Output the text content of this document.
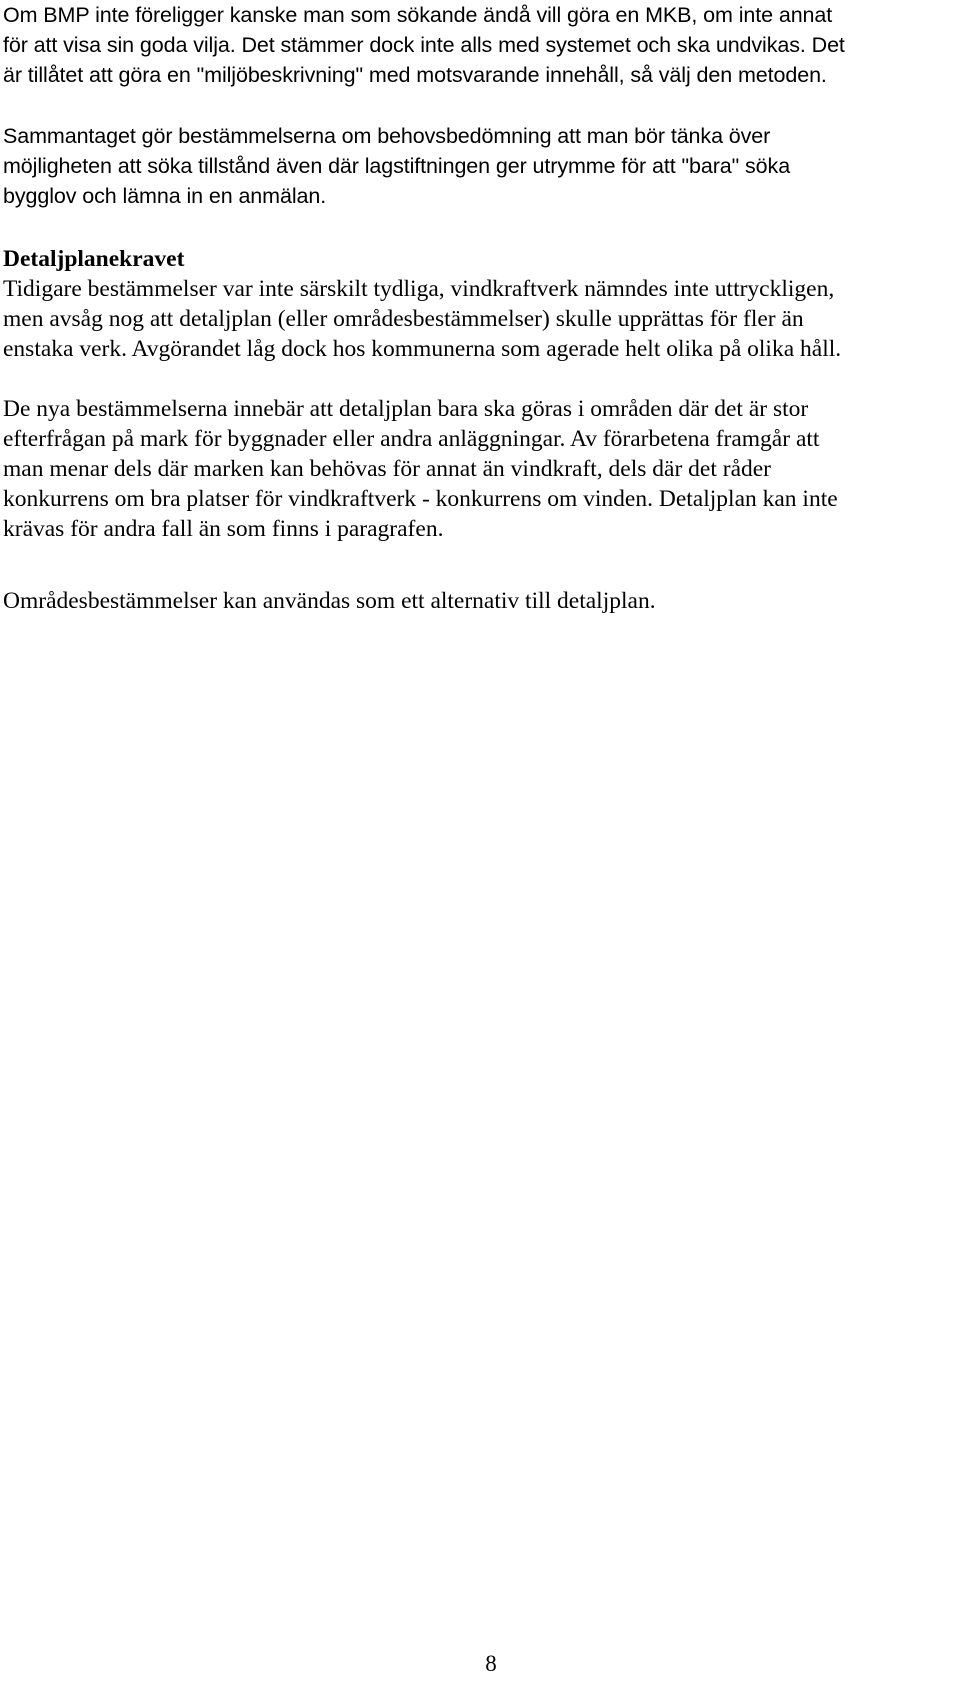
Om BMP inte föreligger kanske man som sökande ändå vill göra en MKB, om inte annat
för att visa sin goda vilja. Det stämmer dock inte alls med systemet och ska undvikas. Det
är tillåtet att göra en "miljöbeskrivning" med motsvarande innehåll, så välj den metoden.

Sammantaget gör bestämmelserna om behovsbedömning att man bör tänka över
möjligheten att söka tillstånd även där lagstiftningen ger utrymme för att "bara" söka
bygglov och lämna in en anmälan.

Detaljplanekravet
Tidigare bestämmelser var inte särskilt tydliga, vindkraftverk nämndes inte uttryckligen,
men avsåg nog att detaljplan (eller områdesbestämmelser) skulle upprättas för fler än
enstaka verk. Avgörandet låg dock hos kommunerna som agerade helt olika på olika håll.

De nya bestämmelserna innebär att detaljplan bara ska göras i områden där det är stor
efterfrågan på mark för byggnader eller andra anläggningar. Av förarbetena framgår att
man menar dels där marken kan behövas för annat än vindkraft, dels där det råder
konkurrens om bra platser för vindkraftverk - konkurrens om vinden. Detaljplan kan inte
krävas för andra fall än som finns i paragrafen.

Områdesbestämmelser kan användas som ett alternativ till detaljplan.

8
